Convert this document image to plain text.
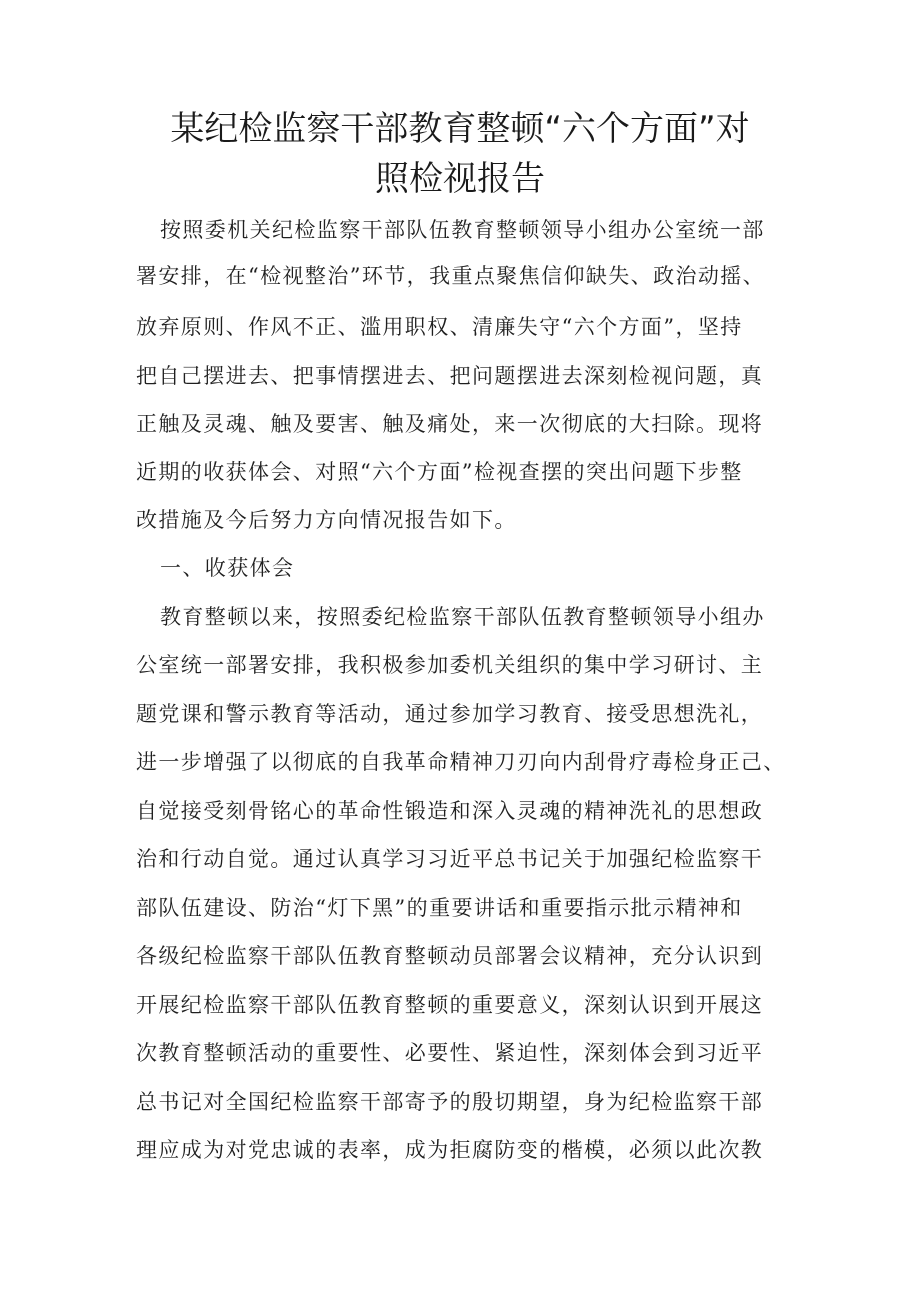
某纪检监察干部教育整顿“六个方面”对
照检视报告

按照委机关纪检监察干部队伍教育整顿领导小组办公室统一部

署安排，在“检视整治”环节，我重点聚焦信仰缺失、政治动摇、

放弃原则、作风不正、滥用职权、清廉失守“六个方面”，坚持

把自己摆进去、把事情摆进去、把问题摆进去深刻检视问题，真

正触及灵魂、触及要害、触及痛处，来一次彻底的大扫除。现将

近期的收获体会、对照“六个方面”检视查摆的突出问题下步整

改措施及今后努力方向情况报告如下。

一、收获体会

教育整顿以来，按照委纪检监察干部队伍教育整顿领导小组办

公室统一部署安排，我积极参加委机关组织的集中学习研讨、主

题党课和警示教育等活动，通过参加学习教育、接受思想洗礼，

进一步增强了以彻底的自我革命精神刀刃向内刮骨疗毒检身正己、

自觉接受刻骨铭心的革命性锻造和深入灵魂的精神洗礼的思想政

治和行动自觉。通过认真学习习近平总书记关于加强纪检监察干

部队伍建设、防治“灯下黑”的重要讲话和重要指示批示精神和

各级纪检监察干部队伍教育整顿动员部署会议精神，充分认识到

开展纪检监察干部队伍教育整顿的重要意义，深刻认识到开展这

次教育整顿活动的重要性、必要性、紧迫性，深刻体会到习近平

总书记对全国纪检监察干部寄予的殷切期望，身为纪检监察干部

理应成为对党忠诚的表率，成为拒腐防变的楷模，必须以此次教
